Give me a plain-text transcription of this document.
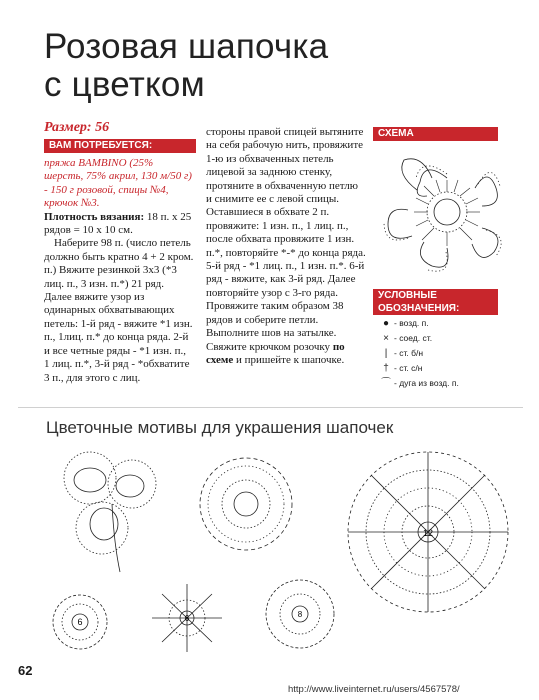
Розовая шапочка
с цветком
Размер: 56
ВАМ ПОТРЕБУЕТСЯ:

пряжа BAMBINO (25% шерсть, 75% акрил, 130 м/50 г) - 150 г розовой, спицы №4, крючок №3.

Плотность вязания: 18 п. х 25 рядов = 10 х 10 см.

Наберите 98 п. (число петель должно быть кратно 4 + 2 кром. п.) Вяжите резинкой 3х3 (*3 лиц. п., 3 изн. п.*) 21 ряд. Далее вяжите узор из одинарных обхватывающих петель: 1-й ряд - вяжите *1 изн. п., 1лиц. п.* до конца ряда. 2-й и все четные ряды - *1 изн. п., 1 лиц. п.*, 3-й ряд - *обхватите 3 п., для этого с лиц.

стороны правой спицей вытяните на себя рабочую нить, провяжите 1-ю из обхваченных петель лицевой за заднюю стенку, протяните в обхваченную петлю и снимите ее с левой спицы. Оставшиеся в обхвате 2 п. провяжите: 1 изн. п., 1 лиц. п., после обхвата провяжите 1 изн. п.*, повторяйте *-* до конца ряда. 5-й ряд - *1 лиц. п., 1 изн. п.*. 6-й ряд - вяжите, как 3-й ряд. Далее повторяйте узор с 3-го ряда. Провяжите таким образом 38 рядов и соберите петли. Выполните шов на затылке. Свяжите крючком розочку по схеме и пришейте к шапочке.

СХЕМА
УСЛОВНЫЕ
ОБОЗНАЧЕНИЯ:
● - возд. п.
× - соед. ст.
| - ст. б/н
† - ст. с/н
⌒ - дуга из возд. п.
Цветочные мотивы для украшения шапочек
12
6	6	8
62
http://www.liveinternet.ru/users/4567578/
